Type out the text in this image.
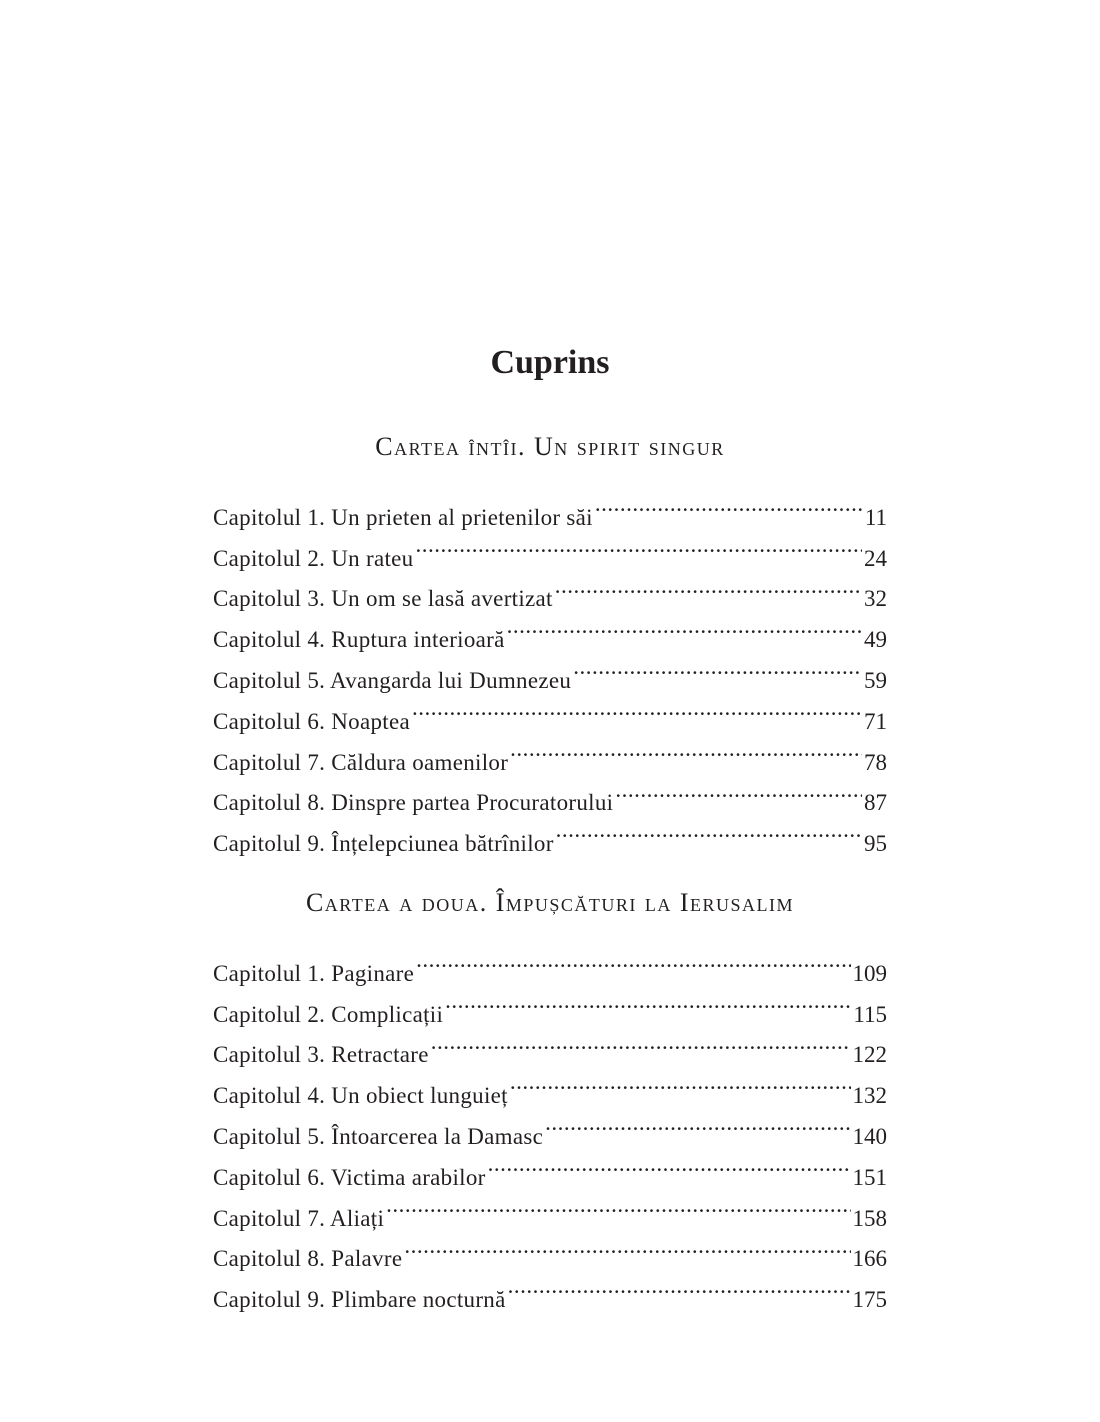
Cuprins
Cartea întîi. Un spirit singur
Capitolul 1. Un prieten al prietenilor săi .....	11
Capitolul 2. Un rateu .....	24
Capitolul 3. Un om se lasă avertizat .....	32
Capitolul 4. Ruptura interioară .....	49
Capitolul 5. Avangarda lui Dumnezeu .....	59
Capitolul 6. Noaptea .....	71
Capitolul 7. Căldura oamenilor .....	78
Capitolul 8. Dinspre partea Procuratorului .....	87
Capitolul 9. Înțelepciunea bătrînilor .....	95
Cartea a doua. Împușcături la Ierusalim
Capitolul 1. Paginare .....	109
Capitolul 2. Complicații .....	115
Capitolul 3. Retractare .....	122
Capitolul 4. Un obiect lunguieț .....	132
Capitolul 5. Întoarcerea la Damasc .....	140
Capitolul 6. Victima arabilor .....	151
Capitolul 7. Aliați .....	158
Capitolul 8. Palavre .....	166
Capitolul 9. Plimbare nocturnă .....	175
